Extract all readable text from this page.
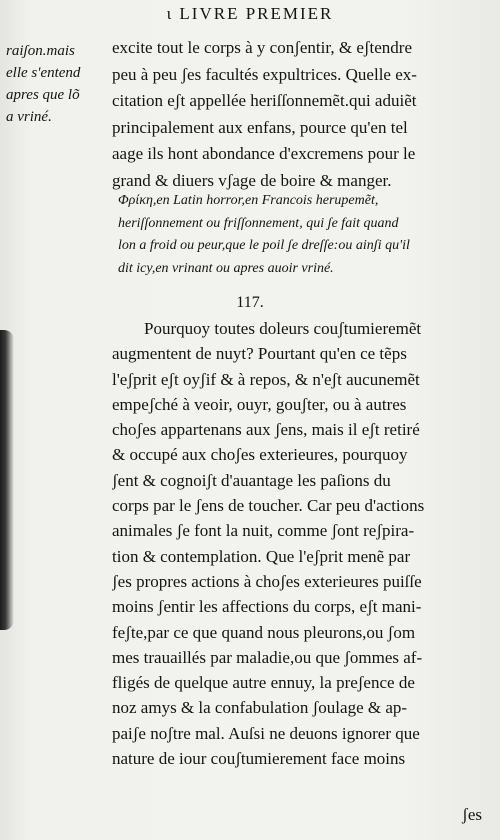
ɩ LIVRE PREMIER
raiʃon.mais
elle s'entend
apres que lõ
a vriné.
excite tout le corps à y conʃentir, & eʃtendre
peu à peu ʃes facultés expultrices. Quelle ex-
citation eʃt appellée heriſſonnemẽt.qui aduiẽt
principalement aux enfans, pource qu'en tel
aage ils hont abondance d'excremens pour le
grand & diuers vʃage de boire & manger.
Φρίκη,en Latin horror,en Francois herupemẽt,
heriſſonnement ou friſſonnement, qui ʃe fait quand
lon a froid ou peur,que le poil ʃe dreſſe:ou ainʃi qu'il
dit icy,en vrinant ou apres auoir vriné.
117.
Pourquoy toutes doleurs couʃtumieremẽt
augmentent de nuyt? Pourtant qu'en ce tẽps
l'eʃprit eʃt oyʃif & à repos, & n'eʃt aucunemẽt
empeʃché à veoir, ouyr, gouʃter, ou à autres
choʃes appartenans aux ʃens, mais il eʃt retiré
& occupé aux choʃes exterieures, pourquoy
ʃent & cognoiʃt d'auantage les paſions du
corps par le ʃens de toucher. Car peu d'actions
animales ʃe font la nuit, comme ʃont reʃpira-
tion & contemplation. Que l'eʃprit menẽ par
ʃes propres actions à choʃes exterieures puiſſe
moins ʃentir les affections du corps, eʃt mani-
feʃte,par ce que quand nous pleurons,ou ʃom
mes trauaillés par maladie,ou que ʃommes af-
fligés de quelque autre ennuy, la preʃence de
noz amys & la confabulation ʃoulage & ap-
paiʃe noʃtre mal. Auſsi ne deuons ignorer que
nature de iour couʃtumierement face moins
ʃes
